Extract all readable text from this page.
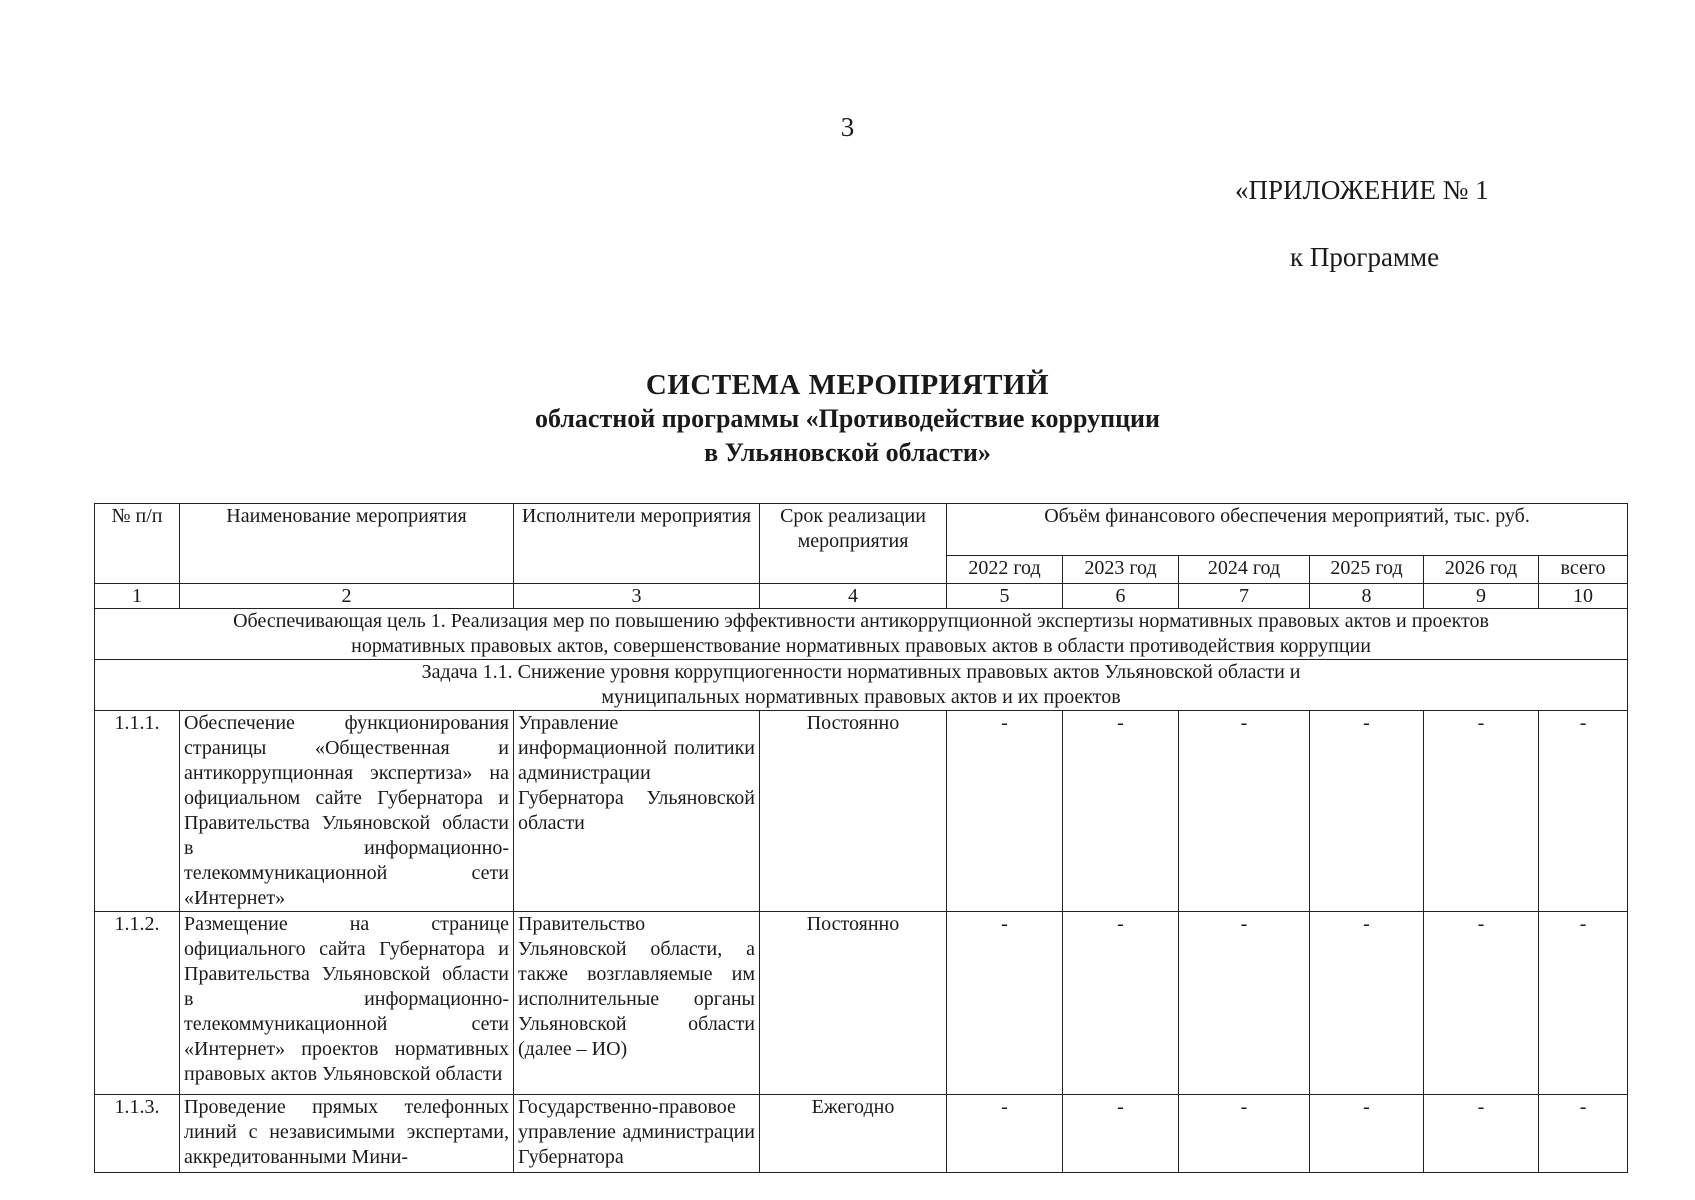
3
«ПРИЛОЖЕНИЕ № 1
к Программе
СИСТЕМА МЕРОПРИЯТИЙ
областной программы «Противодействие коррупции
в Ульяновской области»
№ п/п	Наименование мероприятия	Исполнители мероприятия	Срок реализации мероприятия	Объём финансового обеспечения мероприятий, тыс. руб.					
				2022 год	2023 год	2024 год	2025 год	2026 год	всего
1	2	3	4	5	6	7	8	9	10
Обеспечивающая цель 1. Реализация мер по повышению эффективности антикоррупционной экспертизы нормативных правовых актов и проектов нормативных правовых актов, совершенствование нормативных правовых актов в области противодействия коррупции									
Задача 1.1. Снижение уровня коррупциогенности нормативных правовых актов Ульяновской области и муниципальных нормативных правовых актов и их проектов									
1.1.1.	Обеспечение функционирования страницы «Общественная и антикоррупционная экспертиза» на официальном сайте Губернатора и Правительства Ульяновской области в информационно-телекоммуникационной сети «Интернет»	Управление информационной политики администрации Губернатора Ульяновской области	Постоянно	-	-	-	-	-	-
1.1.2.	Размещение на странице официального сайта Губернатора и Правительства Ульяновской области в информационно-телекоммуникационной сети «Интернет» проектов нормативных правовых актов Ульяновской области	Правительство Ульяновской области, а также возглавляемые им исполнительные органы Ульяновской области (далее – ИО)	Постоянно	-	-	-	-	-	-
1.1.3.	Проведение прямых телефонных линий с независимыми экспертами, аккредитованными Мини-	Государственно-правовое управление администрации Губернатора	Ежегодно	-	-	-	-	-	-
